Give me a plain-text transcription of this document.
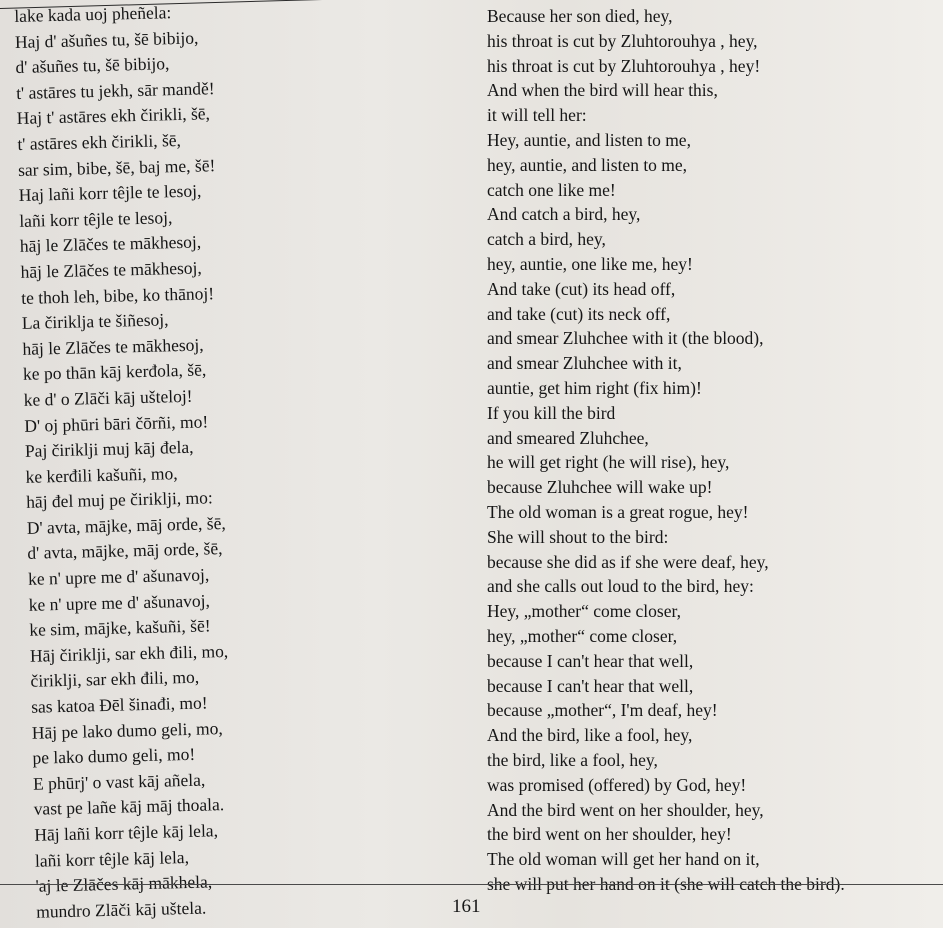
lake kada uoj pheñela:
Haj d' ašuñes tu, šē bibijo,
d' ašuñes tu, šē bibijo,
t' astāres tu jekh, sār mandě!
Haj t' astāres ekh čirikli, šē,
t' astāres ekh čirikli, šē,
sar sim, bibe, šē, baj me, šē!
Haj lañi korr têjle te lesoj,
lañi korr têjle te lesoj,
hāj le Zlāčes te mākhesoj,
hāj le Zlāčes te mākhesoj,
te thoh leh, bibe, ko thānoj!
La čiriklja te šiñesoj,
hāj le Zlāčes te mākhesoj,
ke po thān kāj kerđola, šē,
ke d' o Zlāči kāj ušteloj!
D' oj phūri bāri čōrñi, mo!
Paj čiriklji muj kāj đela,
ke kerđili kašuñi, mo,
hāj đel muj pe čiriklji, mo:
D' avta, mājke, māj orde, šē,
d' avta, mājke, māj orde, šē,
ke n' upre me d' ašunavoj,
ke n' upre me d' ašunavoj,
ke sim, mājke, kašuñi, šē!
Hāj čiriklji, sar ekh đili, mo,
čiriklji, sar ekh đili, mo,
sas katoa Đēl šinađi, mo!
Hāj pe lako dumo geli, mo,
pe lako dumo geli, mo!
E phūrj' o vast kāj añela,
vast pe lañe kāj māj thoala.
Hāj lañi korr têjle kāj lela,
lañi korr têjle kāj lela,
'aj le Zlāčes kāj mākhela,
mundro Zlāči kāj uštela.
Because her son died, hey,
his throat is cut by Zluhtorouhya , hey,
his throat is cut by Zluhtorouhya , hey!
And when the bird will hear this,
it will tell her:
Hey, auntie, and listen to me,
hey, auntie, and listen to me,
catch one like me!
And catch a bird, hey,
catch a bird, hey,
hey, auntie, one like me, hey!
And take (cut) its head off,
and take (cut) its neck off,
and smear Zluhchee with it (the blood),
and smear Zluhchee with it,
auntie, get him right (fix him)!
If you kill the bird
and smeared Zluhchee,
he will get right (he will rise), hey,
because Zluhchee will wake up!
The old woman is a great rogue, hey!
She will shout to the bird:
because she did as if she were deaf, hey,
and she calls out loud to the bird, hey:
Hey, „mother“ come closer,
hey, „mother“ come closer,
because I can't hear that well,
because I can't hear that well,
because „mother“, I'm deaf, hey!
And the bird, like a fool, hey,
the bird, like a fool, hey,
was promised (offered) by God, hey!
And the bird went on her shoulder, hey,
the bird went on her shoulder, hey!
The old woman will get her hand on it,
she will put her hand on it (she will catch the bird).
161
